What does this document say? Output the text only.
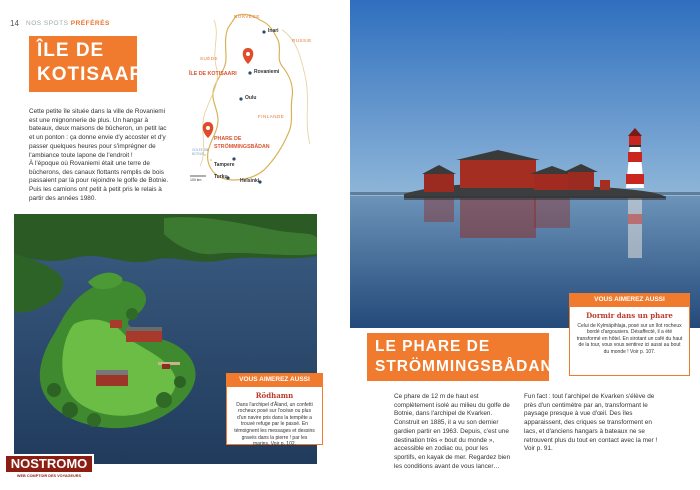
14 NOS SPOTS PRÉFÉRÉS
ÎLE DE
KOTISAARI
Cette petite île située dans la ville de Rovaniemi est une mignonnerie de plus. Un hangar à bateaux, deux maisons de bûcheron, un petit lac et un ponton : ça donne envie d'y accoster et d'y passer quelques heures pour s'imprégner de l'ambiance toute lapone de l'endroit !
À l'époque où Rovaniemi était une terre de bûcherons, des canaux flottants remplis de bois passaient par là pour rejoindre le golfe de Botnie. Puis les camions ont petit à petit pris le relais à partir des années 1980.
NORVÈGE
SUÈDE
RUSSIE
FINLANDE
Inari
Rovaniemi
Oulu
Tampere
Turku
Helsinki
GOLFE DE BOTNIE
100 km
ÎLE DE KOTISAARI
PHARE DE
STRÖMMINGSBÅDAN
VOUS AIMEREZ AUSSI
Rödhamn
Dans l'archipel d'Åland, un confetti rocheux posé sur l'océan ou plus d'un navire pris dans la tempête a trouvé refuge par le passé. En témoignent les messages et dessins gravés dans la pierre ! par les marins. Voir p. 102.
NOSTROMO
WEB COMPTOIR DES VOYAGEURS
VOUS AIMEREZ AUSSI
Dormir dans un phare
Celui de Kylmäpihlaja, posé sur un îlot rocheux bordé d'argousiers. Désaffecté, il a été transformé en hôtel. En sirotant un café du haut de la tour, vous vous sentirez ici aussi au bout du monde ! Voir p. 107.
LE PHARE DE
STRÖMMINGSBÅDAN
Ce phare de 12 m de haut est complètement isolé au milieu du golfe de Botnie, dans l'archipel de Kvarken. Construit en 1885, il a vu son dernier gardien partir en 1963. Depuis, c'est une destination très « bout du monde », accessible en zodiac ou, pour les sportifs, en kayak de mer. Regardez bien les conditions avant de vous lancer…
Fun fact : tout l'archipel de Kvarken s'élève de près d'un centimètre par an, transformant le paysage presque à vue d'œil. Des îles apparaissent, des criques se transforment en lacs, et d'anciens hangars à bateaux ne se retrouvent plus du tout en contact avec la mer ! Voir p. 91.
